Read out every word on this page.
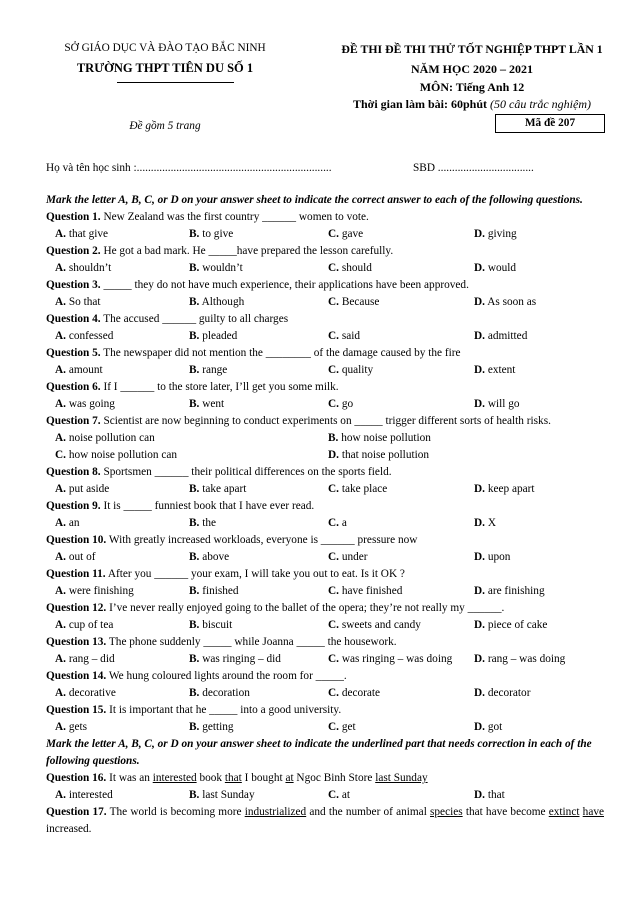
SỞ GIÁO DỤC VÀ ĐÀO TẠO BẮC NINH
TRƯỜNG THPT TIÊN DU SỐ 1
Đề gồm 5 trang
ĐỀ THI ĐỀ THI THỬ TỐT NGHIỆP THPT LẦN 1
NĂM HỌC 2020 – 2021
MÔN: Tiếng Anh 12
Thời gian làm bài: 60phút (50 câu trắc nghiệm)
Mã đề 207
Họ và tên học sinh :.....................................................................	SBD ..................................
Mark the letter A, B, C, or D on your answer sheet to indicate the correct answer to each of the following questions.
Question 1. New Zealand was the first country ______ women to vote.
A. that give	B. to give	C. gave	D. giving
Question 2. He got a bad mark. He _____have prepared the lesson carefully.
A. shouldn’t	B. wouldn’t	C. should	D. would
Question 3. _____ they do not have much experience, their applications have been approved.
A. So that	B. Although	C. Because	D. As soon as
Question 4. The accused ______ guilty to all charges
A. confessed	B. pleaded	C. said	D. admitted
Question 5. The newspaper did not mention the ________ of the damage caused by the fire
A. amount	B. range	C. quality	D. extent
Question 6. If I ______ to the store later, I’ll get you some milk.
A. was going	B. went	C. go	D. will go
Question 7. Scientist are now beginning to conduct experiments on _____ trigger different sorts of health risks.
A. noise pollution can	B. how noise pollution
C. how noise pollution can	D. that noise pollution
Question 8. Sportsmen ______ their political differences on the sports field.
A. put aside	B. take apart	C. take place	D. keep apart
Question 9. It is _____ funniest book that I have ever read.
A. an	B. the	C. a	D. X
Question 10. With greatly increased workloads, everyone is ______ pressure now
A. out of	B. above	C. under	D. upon
Question 11. After you ______ your exam, I will take you out to eat. Is it OK ?
A. were finishing	B. finished	C. have finished	D. are finishing
Question 12. I’ve never really enjoyed going to the ballet of the opera; they’re not really my ______.
A. cup of tea	B. biscuit	C. sweets and candy	D. piece of cake
Question 13. The phone suddenly _____ while Joanna _____ the housework.
A. rang – did	B. was ringing – did	C. was ringing – was doing D. rang – was doing
Question 14. We hung coloured lights around the room for _____.
A. decorative	B. decoration	C. decorate	D. decorator
Question 15. It is important that he _____ into a good university.
A. gets	B. getting	C. get	D. got
Mark the letter A, B, C, or D on your answer sheet to indicate the underlined part that needs correction in each of the following questions.
Question 16. It was an interested book that I bought at Ngoc Binh Store last Sunday
A. interested	B. last Sunday	C. at	D. that
Question 17. The world is becoming more industrialized and the number of animal species that have become extinct have increased.
